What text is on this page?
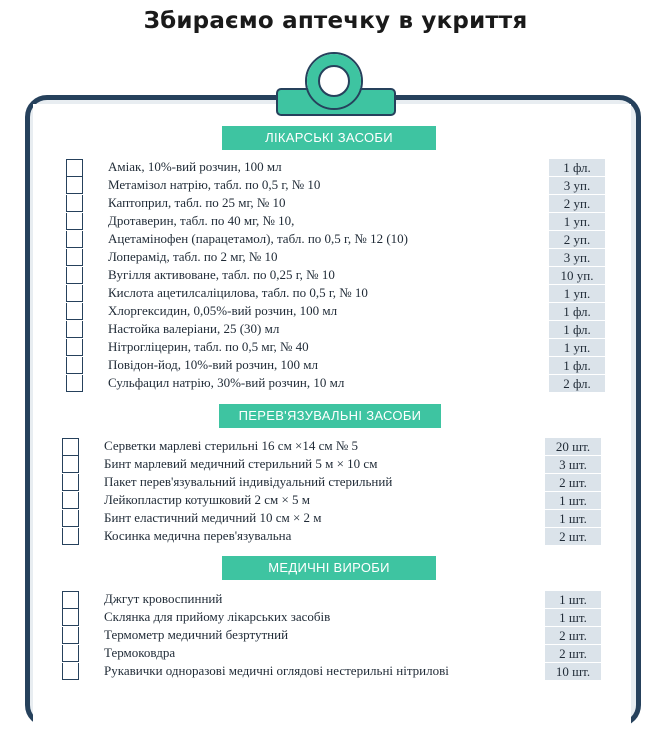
Збираємо аптечку в укриття
ЛІКАРСЬКІ ЗАСОБИ
Аміак, 10%-вий розчин, 100 мл	1 фл.
Метамізол натрію, табл. по 0,5 г, № 10	3 уп.
Каптоприл, табл. по 25 мг, № 10	2 уп.
Дротаверин, табл. по 40 мг, № 10,	1 уп.
Ацетамінофен (парацетамол), табл. по 0,5 г, № 12 (10)	2 уп.
Лоперамід, табл. по 2 мг, № 10	3 уп.
Вугілля активоване, табл. по 0,25 г, № 10	10 уп.
Кислота ацетилсаліцилова, табл. по 0,5 г, № 10	1 уп.
Хлоргексидин, 0,05%-вий розчин, 100 мл	1 фл.
Настойка валеріани, 25 (30) мл	1 фл.
Нітрогліцерин, табл. по 0,5 мг, № 40	1 уп.
Повідон-йод, 10%-вий розчин, 100 мл	1 фл.
Сульфацил натрію, 30%-вий розчин, 10 мл	2 фл.
ПЕРЕВ'ЯЗУВАЛЬНІ ЗАСОБИ
Серветки марлеві стерильні 16 см ×14 см № 5	20 шт.
Бинт марлевий медичний стерильний 5 м × 10 см	3 шт.
Пакет перев'язувальний індивідуальний стерильний	2 шт.
Лейкопластир котушковий 2 см × 5 м	1 шт.
Бинт еластичний медичний 10 см × 2 м	1 шт.
Косинка медична перев'язувальна	2 шт.
МЕДИЧНІ ВИРОБИ
Джгут кровоспинний	1 шт.
Склянка для прийому лікарських засобів	1 шт.
Термометр медичний безртутний	2 шт.
Термоковдра	2 шт.
Рукавички одноразові медичні оглядові нестерильні нітрилові	10 шт.
